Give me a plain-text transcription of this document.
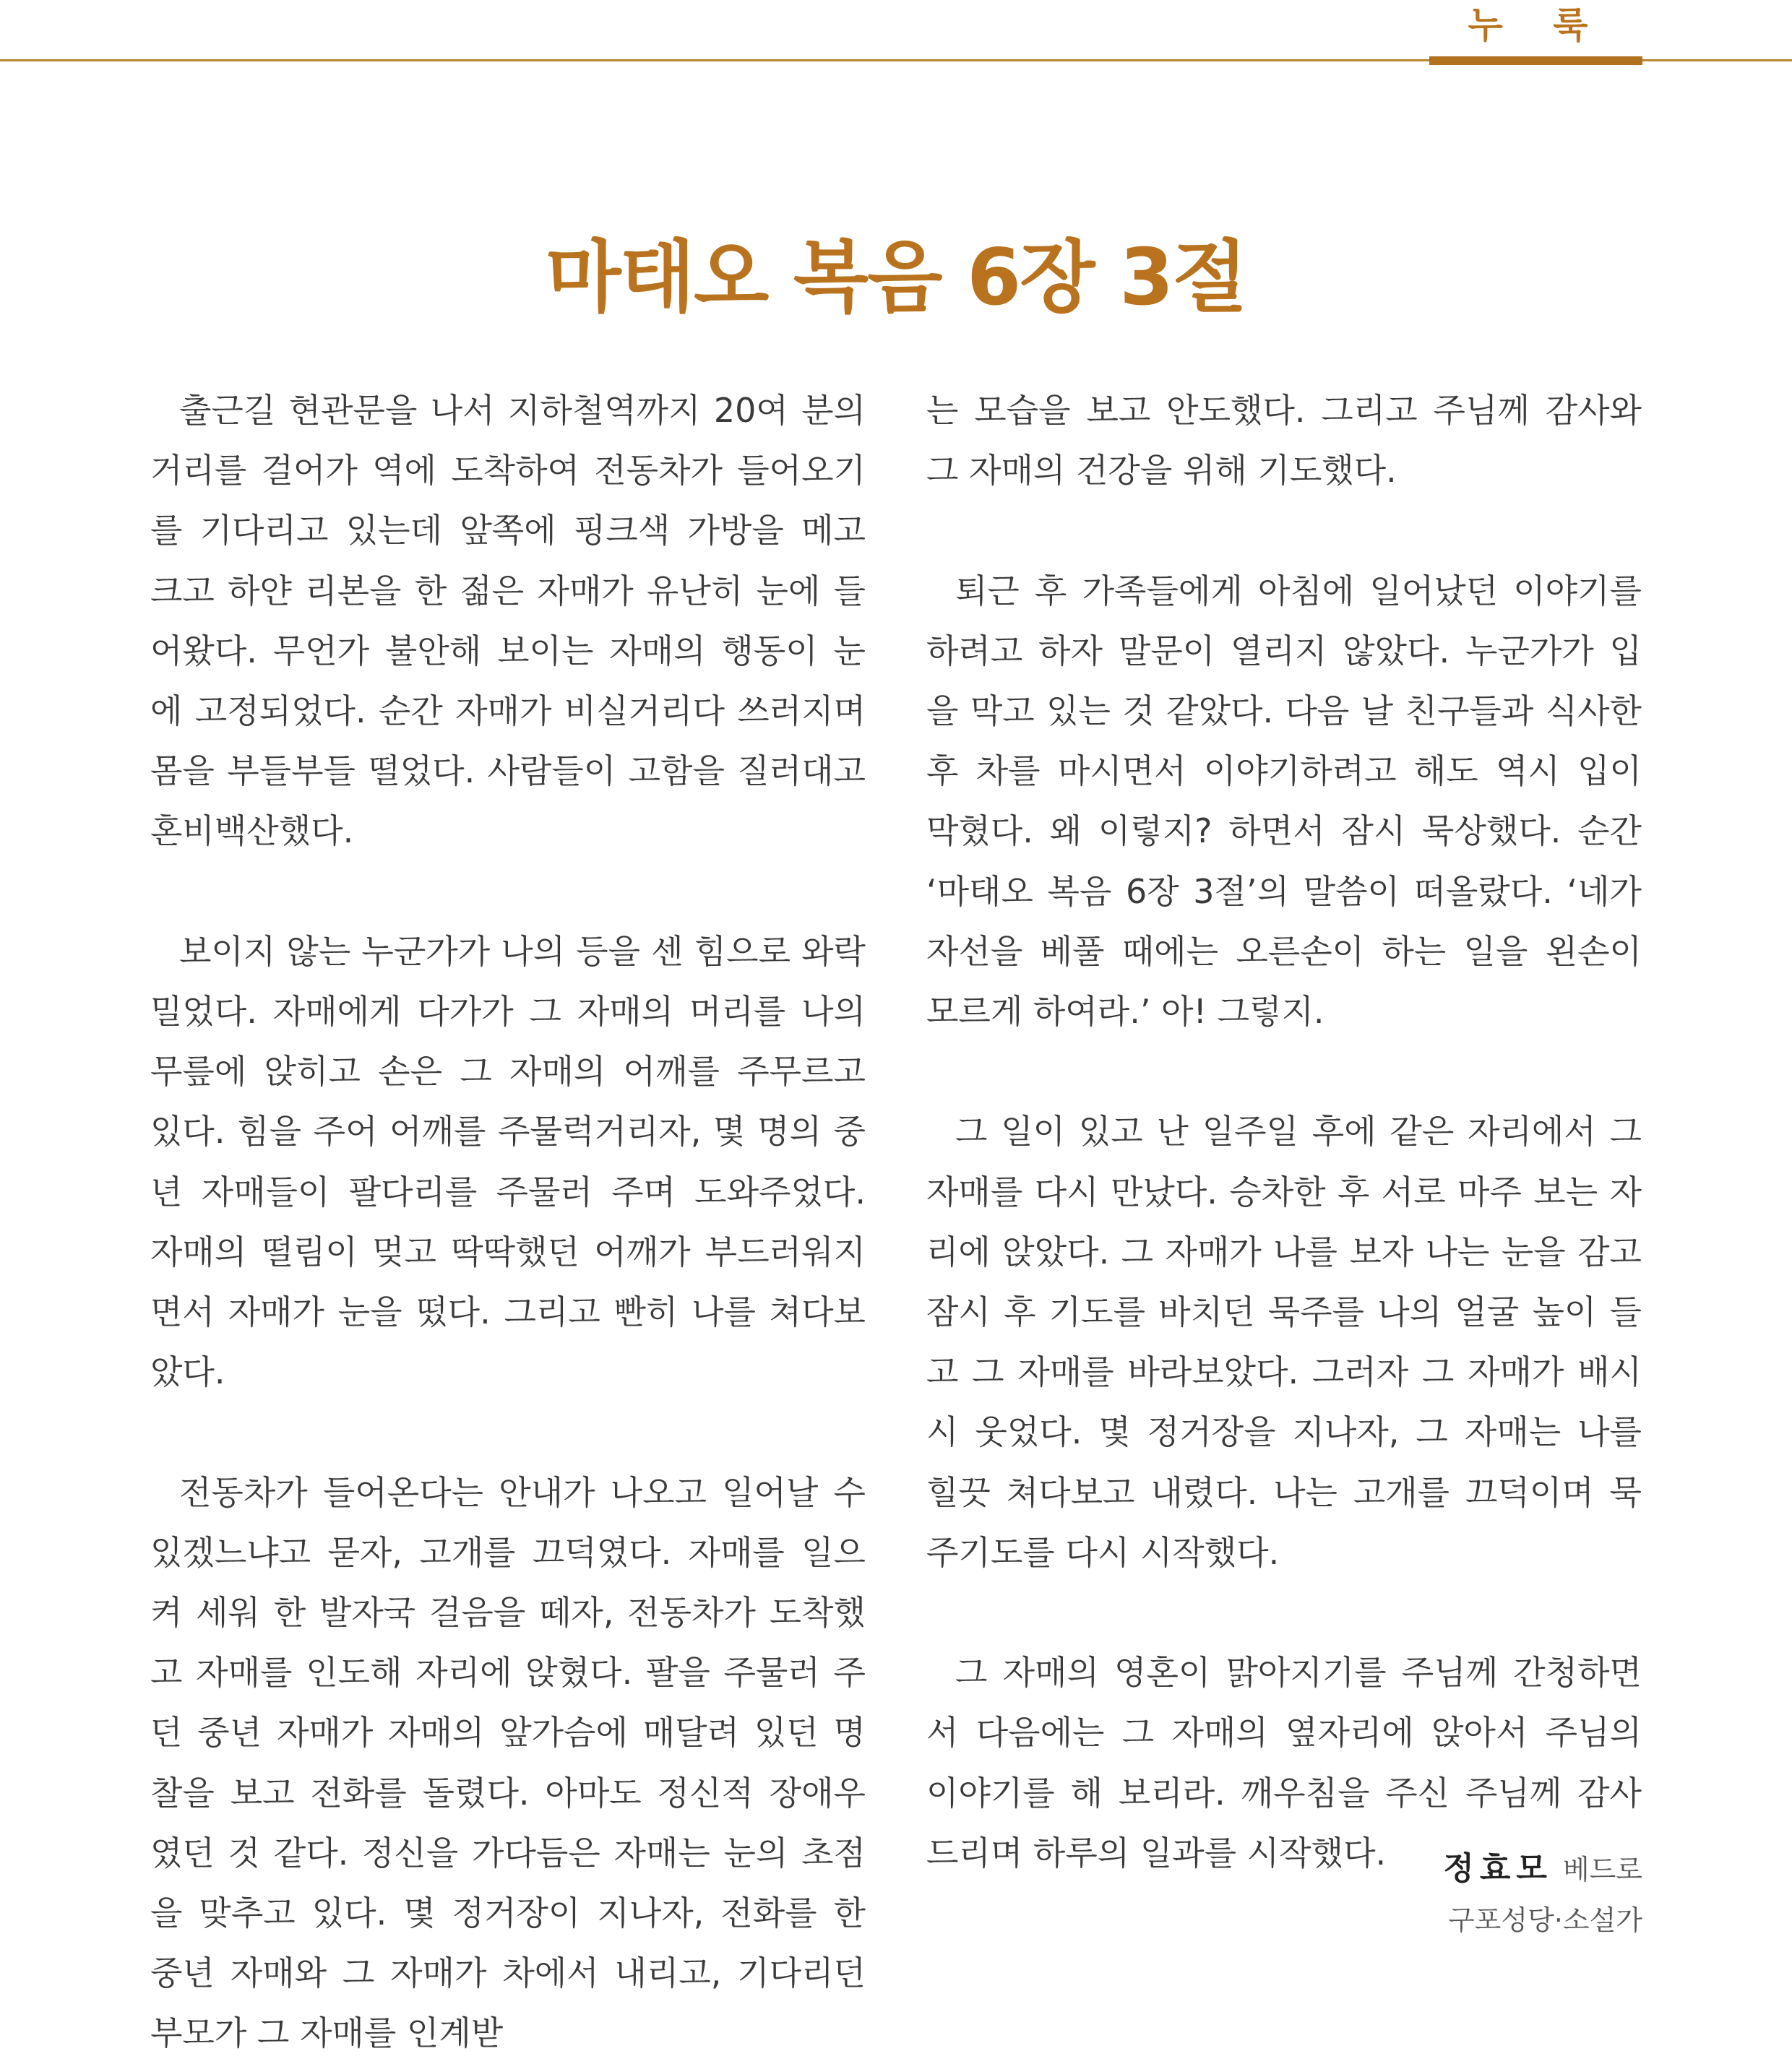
누 룩
마태오 복음 6장 3절

출근길 현관문을 나서 지하철역까지 20여 분의 거리를 걸어가 역에 도착하여 전동차가 들어오기를 기다리고 있는데 앞쪽에 핑크색 가방을 메고 크고 하얀 리본을 한 젊은 자매가 유난히 눈에 들어왔다. 무언가 불안해 보이는 자매의 행동이 눈에 고정되었다. 순간 자매가 비실거리다 쓰러지며 몸을 부들부들 떨었다. 사람들이 고함을 질러대고 혼비백산했다.

보이지 않는 누군가가 나의 등을 센 힘으로 와락 밀었다. 자매에게 다가가 그 자매의 머리를 나의 무릎에 앉히고 손은 그 자매의 어깨를 주무르고 있다. 힘을 주어 어깨를 주물럭거리자, 몇 명의 중년 자매들이 팔다리를 주물러 주며 도와주었다. 자매의 떨림이 멎고 딱딱했던 어깨가 부드러워지면서 자매가 눈을 떴다. 그리고 빤히 나를 쳐다보았다.

전동차가 들어온다는 안내가 나오고 일어날 수 있겠느냐고 묻자, 고개를 끄덕였다. 자매를 일으켜 세워 한 발자국 걸음을 떼자, 전동차가 도착했고 자매를 인도해 자리에 앉혔다. 팔을 주물러 주던 중년 자매가 자매의 앞가슴에 매달려 있던 명찰을 보고 전화를 돌렸다. 아마도 정신적 장애우였던 것 같다. 정신을 가다듬은 자매는 눈의 초점을 맞추고 있다. 몇 정거장이 지나자, 전화를 한 중년 자매와 그 자매가 차에서 내리고, 기다리던 부모가 그 자매를 인계받

는 모습을 보고 안도했다. 그리고 주님께 감사와 그 자매의 건강을 위해 기도했다.

퇴근 후 가족들에게 아침에 일어났던 이야기를 하려고 하자 말문이 열리지 않았다. 누군가가 입을 막고 있는 것 같았다. 다음 날 친구들과 식사한 후 차를 마시면서 이야기하려고 해도 역시 입이 막혔다. 왜 이렇지? 하면서 잠시 묵상했다. 순간 ‘마태오 복음 6장 3절’의 말씀이 떠올랐다. ‘네가 자선을 베풀 때에는 오른손이 하는 일을 왼손이 모르게 하여라.’ 아! 그렇지.

그 일이 있고 난 일주일 후에 같은 자리에서 그 자매를 다시 만났다. 승차한 후 서로 마주 보는 자리에 앉았다. 그 자매가 나를 보자 나는 눈을 감고 잠시 후 기도를 바치던 묵주를 나의 얼굴 높이 들고 그 자매를 바라보았다. 그러자 그 자매가 배시시 웃었다. 몇 정거장을 지나자, 그 자매는 나를 힐끗 쳐다보고 내렸다. 나는 고개를 끄덕이며 묵주기도를 다시 시작했다.

그 자매의 영혼이 맑아지기를 주님께 간청하면서 다음에는 그 자매의 옆자리에 앉아서 주님의 이야기를 해 보리라. 깨우침을 주신 주님께 감사드리며 하루의 일과를 시작했다.	정효모 베드로
구포성당·소설가
